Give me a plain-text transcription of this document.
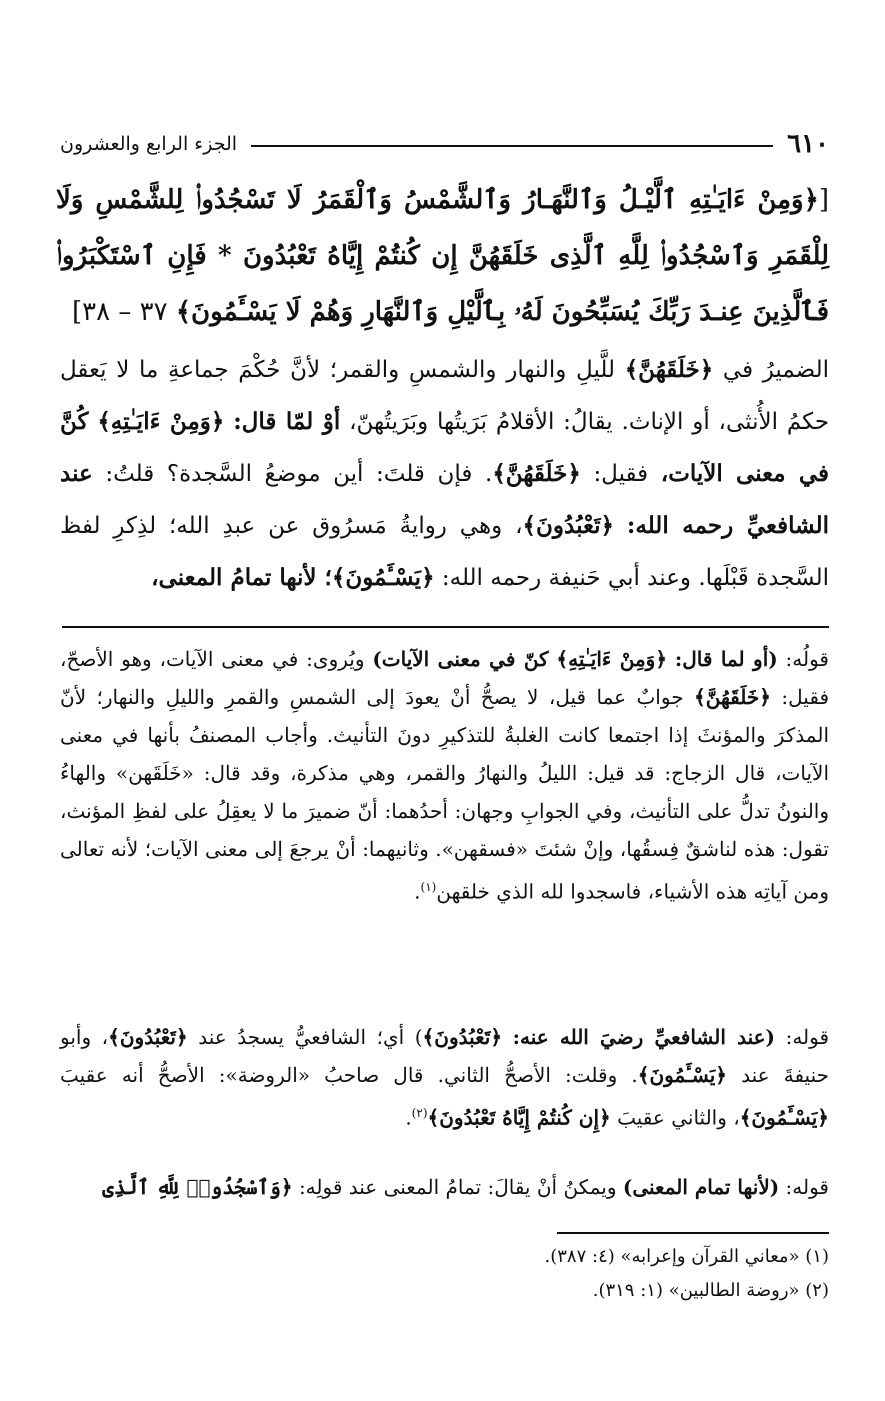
٦١٠
الجزء الرابع والعشرون
[﴿وَمِنْ ءَايَـٰتِهِ ٱلَّيْـلُ وَٱلنَّهَـارُ وَٱلشَّمْسُ وَٱلْقَمَرُ لَا تَسْجُدُوا۟ لِلشَّمْسِ وَلَا لِلْقَمَرِ وَٱسْجُدُوا۟ لِلَّهِ ٱلَّذِى خَلَقَهُنَّ إِن كُنتُمْ إِيَّاهُ تَعْبُدُونَ * فَإِنِ ٱسْتَكْبَرُوا۟ فَٱلَّذِينَ عِنـدَ رَبِّكَ يُسَبِّحُونَ لَهُۥ بِٱلَّيْلِ وَٱلنَّهَارِ وَهُمْ لَا يَسْـَٔمُونَ﴾ ٣٧ – ٣٨]
الضميرُ في ﴿خَلَقَهُنَّ﴾ للَّيلِ والنهار والشمسِ والقمر؛ لأنَّ حُكْمَ جماعةِ ما لا يَعقل حكمُ الأُنثى، أو الإناث. يقالُ: الأقلامُ بَرَيتُها وبَرَيتُهنّ، أوْ لمّا قال: ﴿وَمِنْ ءَايَـٰتِهِ﴾ كُنَّ في معنى الآيات، فقيل: ﴿خَلَقَهُنَّ﴾. فإن قلتَ: أين موضعُ السَّجدة؟ قلتُ: عند الشافعيِّ رحمه الله: ﴿تَعْبُدُونَ﴾، وهي روايةُ مَسرُوق عن عبدِ الله؛ لذِكرِ لفظ السَّجدة قَبْلَها. وعند أبي حَنيفة رحمه الله: ﴿يَسْـَٔمُونَ﴾؛ لأنها تمامُ المعنى،
قولُه: (أو لما قال: ﴿وَمِنْ ءَايَـٰتِهِ﴾ كنّ في معنى الآيات) ويُروى: في معنى الآيات، وهو الأصحّ، فقيل: ﴿خَلَقَهُنَّ﴾ جوابٌ عما قيل، لا يصحُّ أنْ يعودَ إلى الشمسِ والقمرِ والليلِ والنهار؛ لأنّ المذكرَ والمؤنثَ إذا اجتمعا كانت الغلبةُ للتذكيرِ دونَ التأنيث. وأجاب المصنفُ بأنها في معنى الآيات، قال الزجاج: قد قيل: الليلُ والنهارُ والقمر، وهي مذكرة، وقد قال: «خَلَقَهن» والهاءُ والنونُ تدلُّ على التأنيث، وفي الجوابِ وجهان: أحدُهما: أنّ ضميرَ ما لا يعقِلُ على لفظِ المؤنث، تقول: هذه لناشقٌ فِسقُها، وإنْ شئتَ «فسقهن». وثانيهما: أنْ يرجعَ إلى معنى الآيات؛ لأنه تعالى ومن آياتِه هذه الأشياء، فاسجدوا لله الذي خلقهن$^{(١)}$.
قوله: (عند الشافعيِّ رضيَ الله عنه: ﴿تَعْبُدُونَ﴾) أي؛ الشافعيُّ يسجدُ عند ﴿تَعْبُدُونَ﴾، وأبو حنيفةَ عند ﴿يَسْـَٔمُونَ﴾. وقلت: الأصحُّ الثاني. قال صاحبُ «الروضة»: الأصحُّ أنه عقيبَ ﴿يَسْـَٔمُونَ﴾، والثاني عقيبَ ﴿إِن كُنتُمْ إِيَّاهُ تَعْبُدُونَ﴾$^{(٢)}$.
قوله: (لأنها تمام المعنى) ويمكنُ أنْ يقالَ: تمامُ المعنى عند قولِه: ﴿وَٱسْجُدُوا۟ لِلَّهِ ٱلَّذِى
(١) «معاني القرآن وإعرابه» (٤: ٣٨٧).
(٢) «روضة الطالبين» (١: ٣١٩).
